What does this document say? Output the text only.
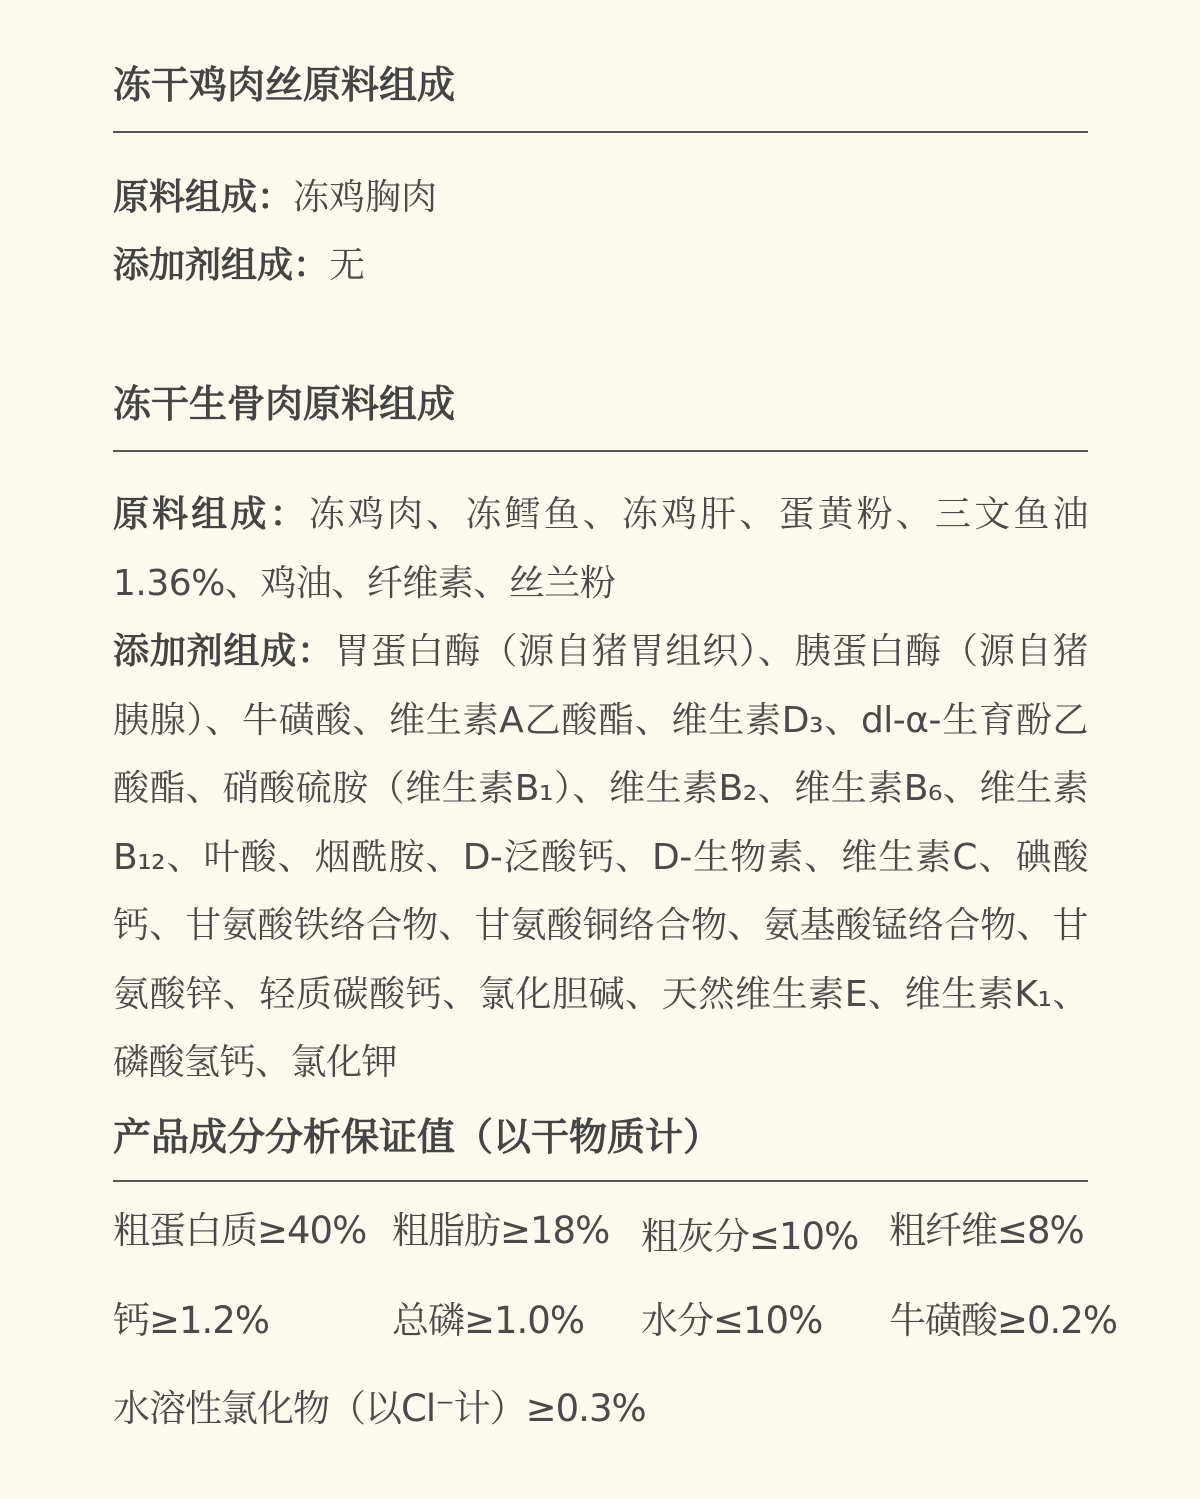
冻干鸡肉丝原料组成
原料组成：冻鸡胸肉
添加剂组成：无
冻干生骨肉原料组成
原料组成：冻鸡肉、冻鳕鱼、冻鸡肝、蛋黄粉、三文鱼油1.36%、鸡油、纤维素、丝兰粉
添加剂组成：胃蛋白酶（源自猪胃组织）、胰蛋白酶（源自猪胰腺）、牛磺酸、维生素A乙酸酯、维生素D₃、dl-α-生育酚乙酸酯、硝酸硫胺（维生素B₁）、维生素B₂、维生素B₆、维生素B₁₂、叶酸、烟酰胺、D-泛酸钙、D-生物素、维生素C、碘酸钙、甘氨酸铁络合物、甘氨酸铜络合物、氨基酸锰络合物、甘氨酸锌、轻质碳酸钙、氯化胆碱、天然维生素E、维生素K₁、磷酸氢钙、氯化钾
产品成分分析保证值（以干物质计）
粗蛋白质≥40% 粗脂肪≥18% 粗灰分≤10% 粗纤维≤8%
钙≥1.2%	总磷≥1.0% 水分≤10% 牛磺酸≥0.2%
水溶性氯化物（以Cl⁻计）≥0.3%
